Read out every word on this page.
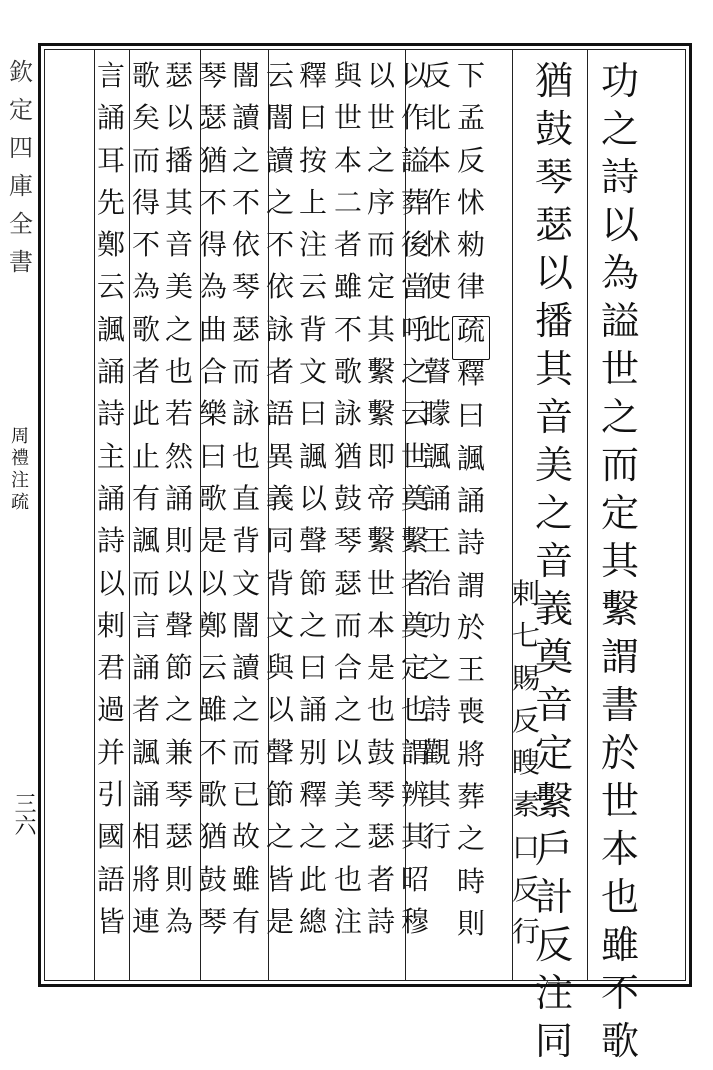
欽
定
四
庫
全
書
周
禮
注
疏
三六
功
之
詩
以
為
謚
世
之
而
定
其
繫
謂
書
於
世
本
也
雖
不
歌
猶
鼓
琴
瑟
以
播
其
音
美
之
音
義
奠
音
定
繫
戶
計
反
注
同
剌
七
賜
反
瞍
素
口
反
行
下
孟
反
怵
勑
律
疏
釋
曰
諷
誦
詩
謂
於
王
喪
將
葬
之
時
則
反
北
本
作
怵
使
此
瞽
矇
諷
誦
王
治
功
之
詩
觀
其
行
以
作
謚
葬
後
當
呼
之
云
世
奠
繫
者
奠
定
也
謂
辨
其
昭
穆
以
世
之
序
而
定
其
繫
繫
即
帝
繫
世
本
是
也
鼓
琴
瑟
者
詩
與
世
本
二
者
雖
不
歌
詠
猶
鼓
琴
瑟
而
合
之
以
美
之
也
注
釋
曰
按
上
注
云
背
文
曰
諷
以
聲
節
之
曰
誦
别
釋
之
此
總
云
闇
讀
之
不
依
詠
者
語
異
義
同
背
文
與
以
聲
節
之
皆
是
闇
讀
之
不
依
琴
瑟
而
詠
也
直
背
文
闇
讀
之
而
已
故
雖
有
琴
瑟
猶
不
得
為
曲
合
樂
曰
歌
是
以
鄭
云
雖
不
歌
猶
鼓
琴
瑟
以
播
其
音
美
之
也
若
然
誦
則
以
聲
節
之
兼
琴
瑟
則
為
歌
矣
而
得
不
為
歌
者
此
止
有
諷
而
言
誦
者
諷
誦
相
將
連
言
誦
耳
先
鄭
云
諷
誦
詩
主
誦
詩
以
剌
君
過
并
引
國
語
皆
